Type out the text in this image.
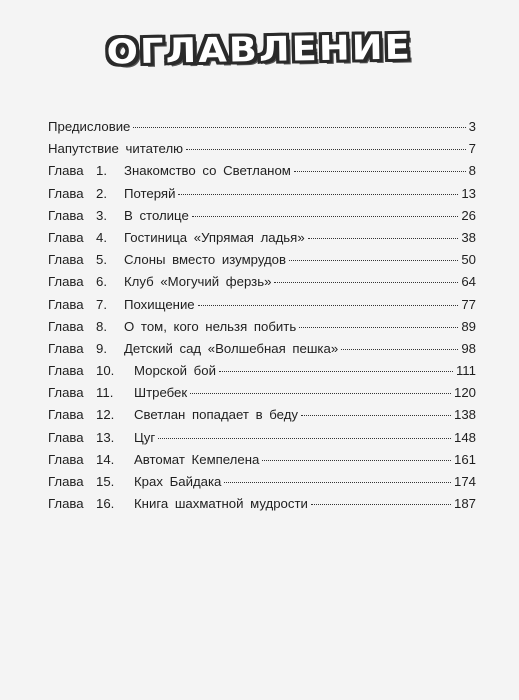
ОГЛАВЛЕНИЕ
Предисловие	3
Напутствие читателю	7
Глава 1.	Знакомство со Светланом	8
Глава 2.	Потеряй	13
Глава 3.	В столице	26
Глава 4.	Гостиница «Упрямая ладья»	38
Глава 5.	Слоны вместо изумрудов	50
Глава 6.	Клуб «Могучий ферзь»	64
Глава 7.	Похищение	77
Глава 8.	О том, кого нельзя побить	89
Глава 9.	Детский сад «Волшебная пешка»	98
Глава 10.	Морской бой	111
Глава 11.	Штребек	120
Глава 12.	Светлан попадает в беду	138
Глава 13.	Цуг	148
Глава 14.	Автомат Кемпелена	161
Глава 15.	Крах Байдака	174
Глава 16.	Книга шахматной мудрости	187
